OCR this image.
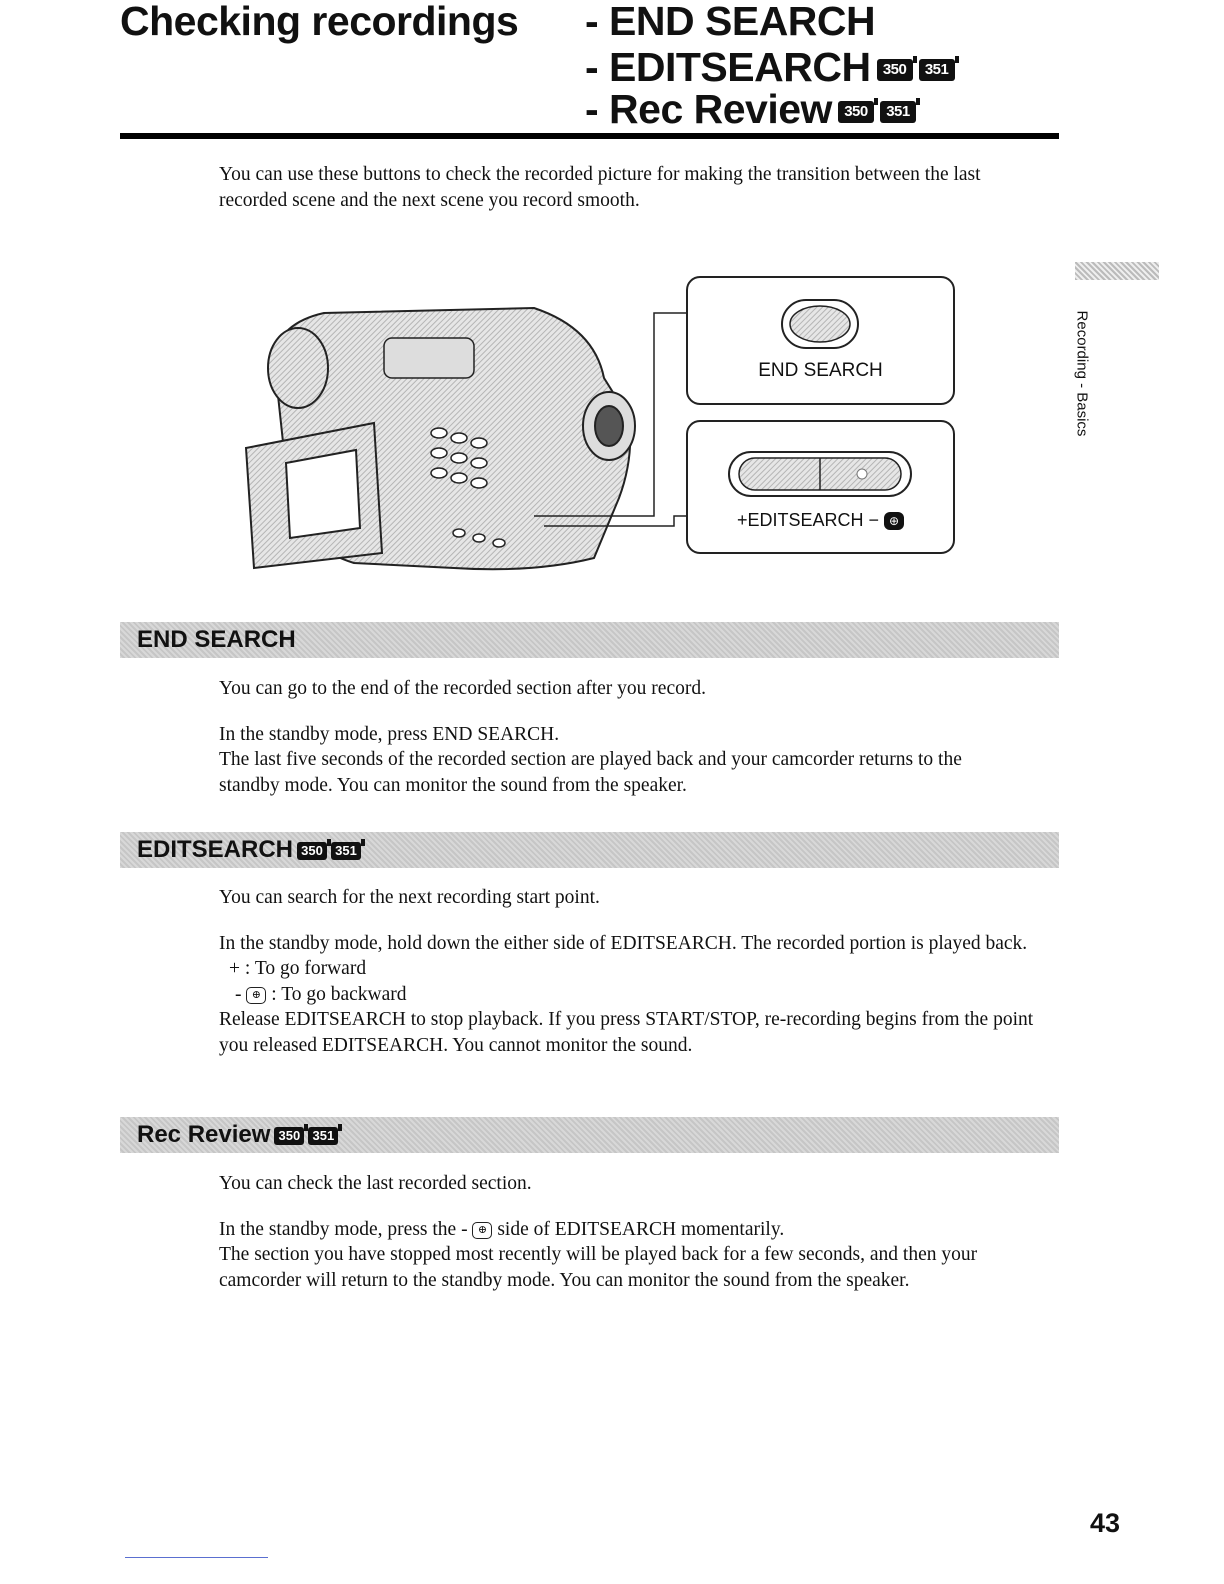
Checking recordings - END SEARCH
- EDITSEARCH 350 351
- Rec Review 350 351

You can use these buttons to check the recorded picture for making the transition between the last recorded scene and the next scene you record smooth.

END SEARCH
+EDITSEARCH − ⊕
Recording - Basics
END SEARCH

You can go to the end of the recorded section after you record.

In the standby mode, press END SEARCH.

The last five seconds of the recorded section are played back and your camcorder returns to the standby mode. You can monitor the sound from the speaker.

EDITSEARCH 350 351

You can search for the next recording start point.

In the standby mode, hold down the either side of EDITSEARCH. The recorded portion is played back.

+ : To go forward

- ⊕ : To go backward

Release EDITSEARCH to stop playback. If you press START/STOP, re-recording begins from the point you released EDITSEARCH. You cannot monitor the sound.

Rec Review 350 351

You can check the last recorded section.

In the standby mode, press the - ⊕ side of EDITSEARCH momentarily.

The section you have stopped most recently will be played back for a few seconds, and then your camcorder will return to the standby mode. You can monitor the sound from the speaker.

43
